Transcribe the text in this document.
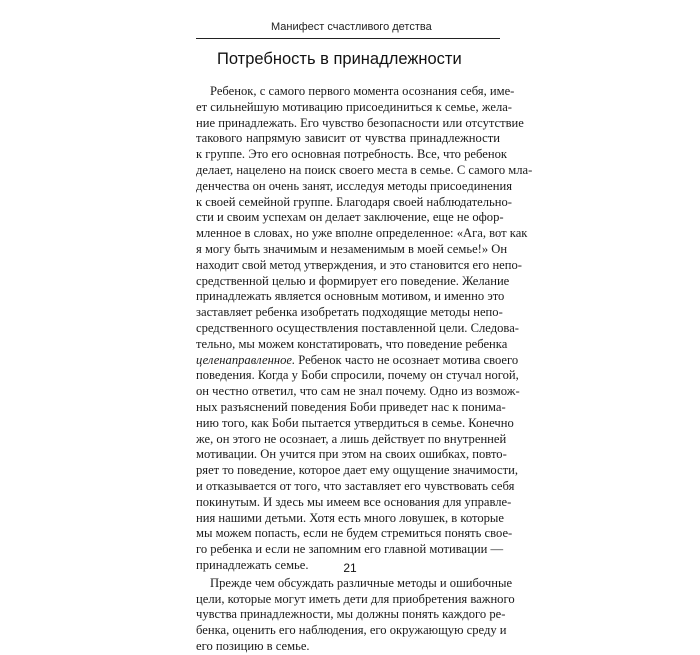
Манифест счастливого детства
Потребность в принадлежности
Ребенок, с самого первого момента осознания себя, име-
ет сильнейшую мотивацию присоединиться к семье, жела-
ние принадлежать. Его чувство безопасности или отсутствие
такового напрямую зависит от чувства принадлежности
к группе. Это его основная потребность. Все, что ребенок
делает, нацелено на поиск своего места в семье. С самого мла-
денчества он очень занят, исследуя методы присоединения
к своей семейной группе. Благодаря своей наблюдательно-
сти и своим успехам он делает заключение, еще не офор-
мленное в словах, но уже вполне определенное: «Ага, вот как
я могу быть значимым и незаменимым в моей семье!» Он
находит свой метод утверждения, и это становится его непо-
средственной целью и формирует его поведение. Желание
принадлежать является основным мотивом, и именно это
заставляет ребенка изобретать подходящие методы непо-
средственного осуществления поставленной цели. Следова-
тельно, мы можем констатировать, что поведение ребенка
целенаправленное. Ребенок часто не осознает мотива своего
поведения. Когда у Боби спросили, почему он стучал ногой,
он честно ответил, что сам не знал почему. Одно из возмож-
ных разъяснений поведения Боби приведет нас к понима-
нию того, как Боби пытается утвердиться в семье. Конечно
же, он этого не осознает, а лишь действует по внутренней
мотивации. Он учится при этом на своих ошибках, повто-
ряет то поведение, которое дает ему ощущение значимости,
и отказывается от того, что заставляет его чувствовать себя
покинутым. И здесь мы имеем все основания для управле-
ния нашими детьми. Хотя есть много ловушек, в которые
мы можем попасть, если не будем стремиться понять свое-
го ребенка и если не запомним его главной мотивации —
принадлежать семье.
Прежде чем обсуждать различные методы и ошибочные
цели, которые могут иметь дети для приобретения важного
чувства принадлежности, мы должны понять каждого ре-
бенка, оценить его наблюдения, его окружающую среду и
его позицию в семье.
21
